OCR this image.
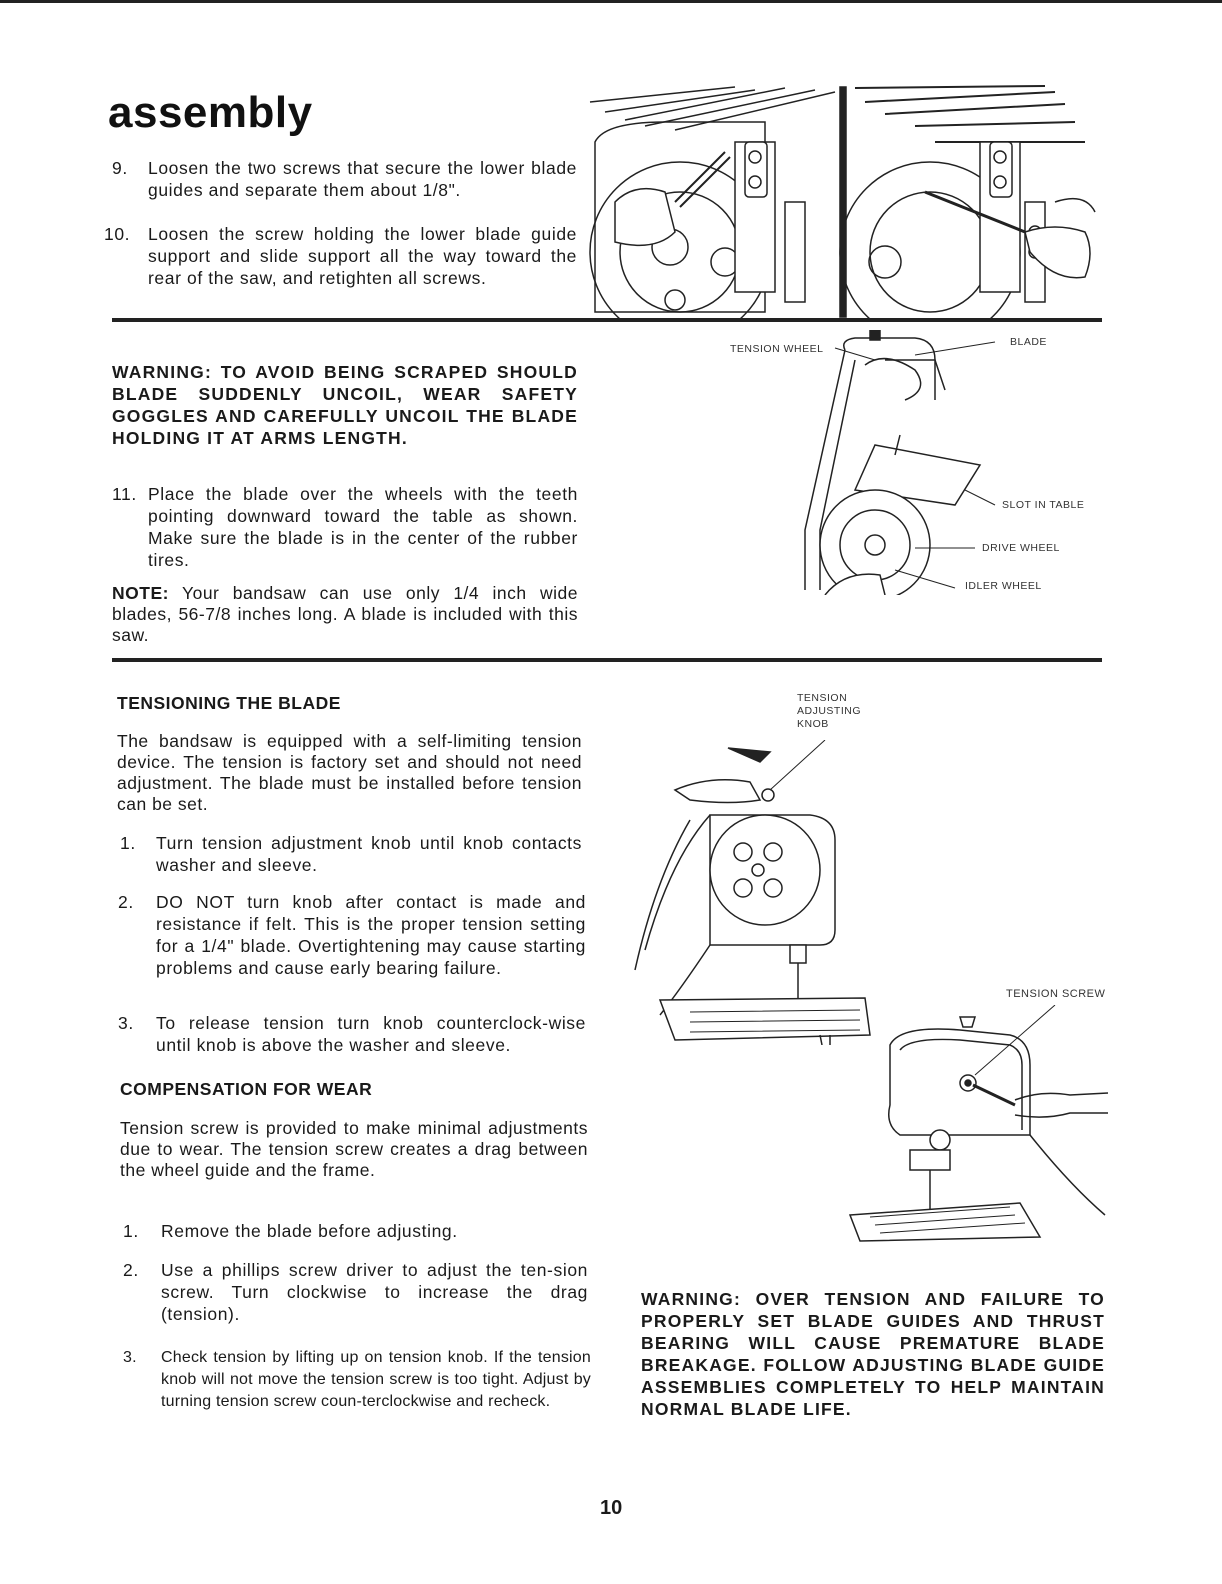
assembly
9. Loosen the two screws that secure the lower blade guides and separate them about 1/8".
10. Loosen the screw holding the lower blade guide support and slide support all the way toward the rear of the saw, and retighten all screws.
WARNING: TO AVOID BEING SCRAPED SHOULD BLADE SUDDENLY UNCOIL, WEAR SAFETY GOGGLES AND CAREFULLY UNCOIL THE BLADE HOLDING IT AT ARMS LENGTH.
11. Place the blade over the wheels with the teeth pointing downward toward the table as shown. Make sure the blade is in the center of the rubber tires.
NOTE: Your bandsaw can use only 1/4 inch wide blades, 56-7/8 inches long. A blade is included with this saw.
TENSION WHEEL
BLADE
SLOT IN TABLE
DRIVE WHEEL
IDLER WHEEL
TENSIONING THE BLADE
The bandsaw is equipped with a self-limiting tension device. The tension is factory set and should not need adjustment. The blade must be installed before tension can be set.
1. Turn tension adjustment knob until knob contacts washer and sleeve.
2. DO NOT turn knob after contact is made and resistance if felt. This is the proper tension setting for a 1/4" blade. Overtightening may cause starting problems and cause early bearing failure.
3. To release tension turn knob counterclock-wise until knob is above the washer and sleeve.
COMPENSATION FOR WEAR
Tension screw is provided to make minimal adjustments due to wear. The tension screw creates a drag between the wheel guide and the frame.
1. Remove the blade before adjusting.
2. Use a phillips screw driver to adjust the ten-sion screw. Turn clockwise to increase the drag (tension).
3. Check tension by lifting up on tension knob. If the tension knob will not move the tension screw is too tight. Adjust by turning tension screw coun-terclockwise and recheck.
TENSION
ADJUSTING
KNOB
TENSION SCREW
WARNING: OVER TENSION AND FAILURE TO PROPERLY SET BLADE GUIDES AND THRUST BEARING WILL CAUSE PREMATURE BLADE BREAKAGE. FOLLOW ADJUSTING BLADE GUIDE ASSEMBLIES COMPLETELY TO HELP MAINTAIN NORMAL BLADE LIFE.
10
